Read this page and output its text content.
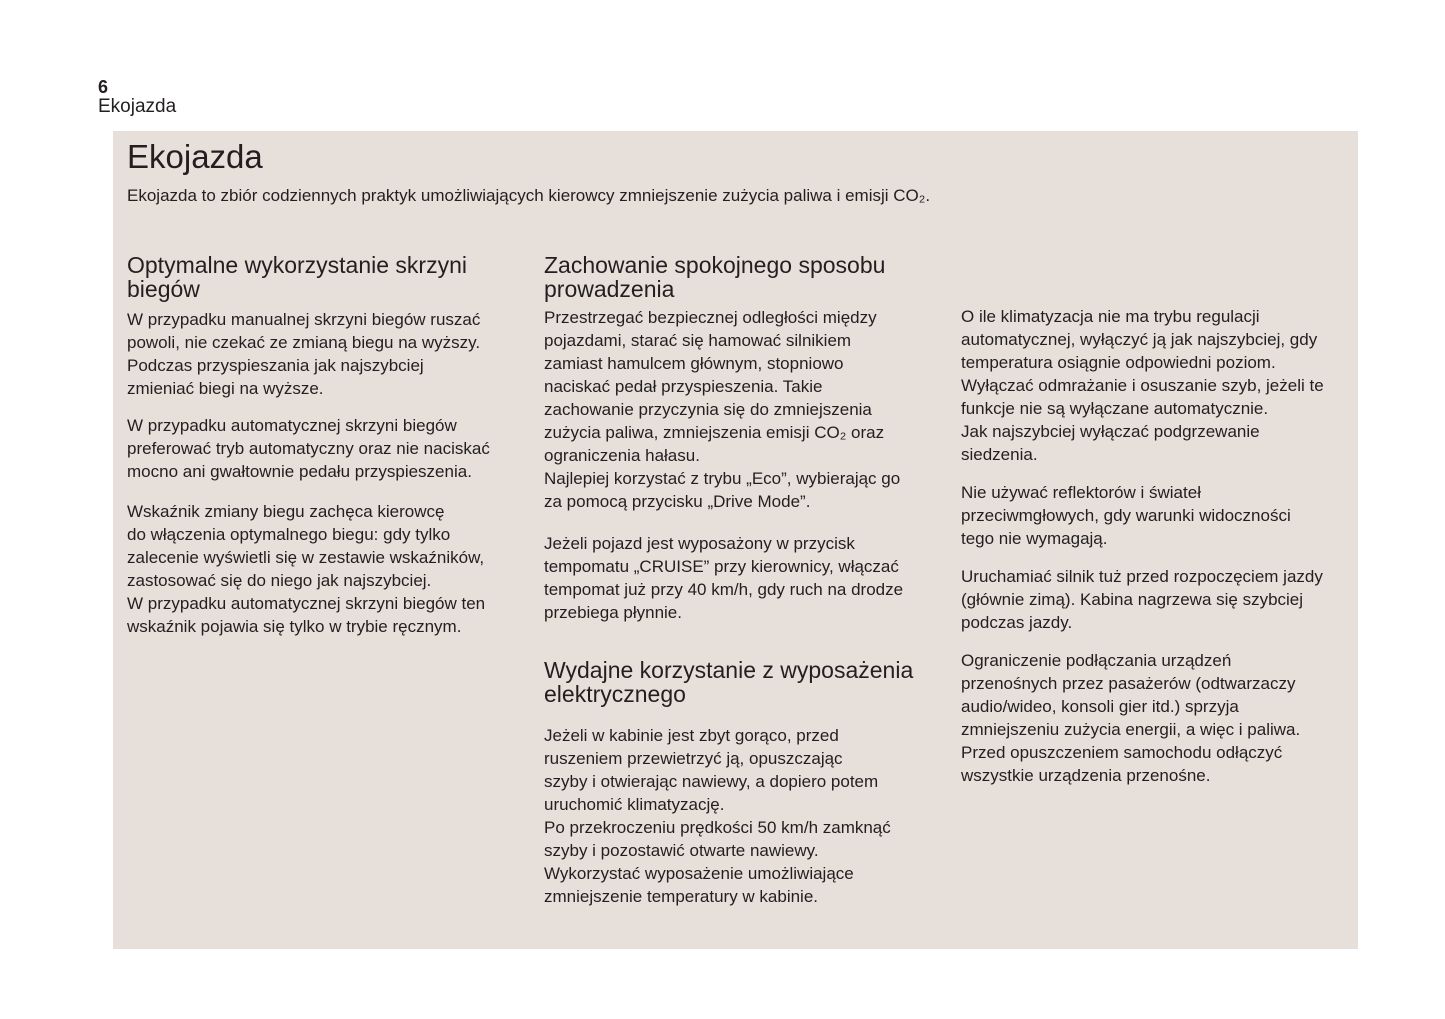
6
Ekojazda
Ekojazda
Ekojazda to zbiór codziennych praktyk umożliwiających kierowcy zmniejszenie zużycia paliwa i emisji CO₂.
Optymalne wykorzystanie skrzyni biegów
W przypadku manualnej skrzyni biegów ruszać
powoli, nie czekać ze zmianą biegu na wyższy.
Podczas przyspieszania jak najszybciej
zmieniać biegi na wyższe.
W przypadku automatycznej skrzyni biegów
preferować tryb automatyczny oraz nie naciskać
mocno ani gwałtownie pedału przyspieszenia.
Wskaźnik zmiany biegu zachęca kierowcę
do włączenia optymalnego biegu: gdy tylko
zalecenie wyświetli się w zestawie wskaźników,
zastosować się do niego jak najszybciej.
W przypadku automatycznej skrzyni biegów ten
wskaźnik pojawia się tylko w trybie ręcznym.
Zachowanie spokojnego sposobu prowadzenia
Przestrzegać bezpiecznej odległości między
pojazdami, starać się hamować silnikiem
zamiast hamulcem głównym, stopniowo
naciskać pedał przyspieszenia. Takie
zachowanie przyczynia się do zmniejszenia
zużycia paliwa, zmniejszenia emisji CO₂ oraz
ograniczenia hałasu.
Najlepiej korzystać z trybu „Eco”, wybierając go
za pomocą przycisku „Drive Mode”.
Jeżeli pojazd jest wyposażony w przycisk
tempomatu „CRUISE” przy kierownicy, włączać
tempomat już przy 40 km/h, gdy ruch na drodze
przebiega płynnie.
Wydajne korzystanie z wyposażenia elektrycznego
Jeżeli w kabinie jest zbyt gorąco, przed
ruszeniem przewietrzyć ją, opuszczając
szyby i otwierając nawiewy, a dopiero potem
uruchomić klimatyzację.
Po przekroczeniu prędkości 50 km/h zamknąć
szyby i pozostawić otwarte nawiewy.
Wykorzystać wyposażenie umożliwiające
zmniejszenie temperatury w kabinie.
O ile klimatyzacja nie ma trybu regulacji
automatycznej, wyłączyć ją jak najszybciej, gdy
temperatura osiągnie odpowiedni poziom.
Wyłączać odmrażanie i osuszanie szyb, jeżeli te
funkcje nie są wyłączane automatycznie.
Jak najszybciej wyłączać podgrzewanie
siedzenia.
Nie używać reflektorów i świateł
przeciwmgłowych, gdy warunki widoczności
tego nie wymagają.
Uruchamiać silnik tuż przed rozpoczęciem jazdy
(głównie zimą). Kabina nagrzewa się szybciej
podczas jazdy.
Ograniczenie podłączania urządzeń
przenośnych przez pasażerów (odtwarzaczy
audio/wideo, konsoli gier itd.) sprzyja
zmniejszeniu zużycia energii, a więc i paliwa.
Przed opuszczeniem samochodu odłączyć
wszystkie urządzenia przenośne.
